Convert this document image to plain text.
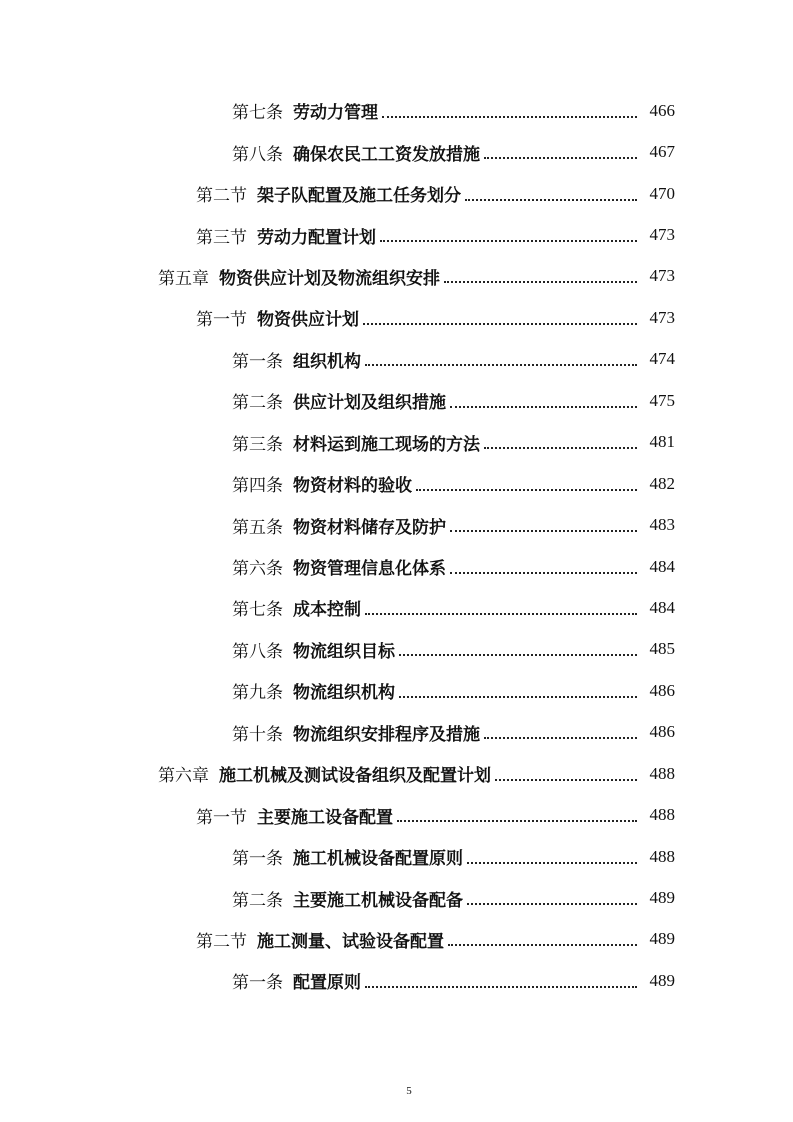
第七条 劳动力管理	466
第八条 确保农民工工资发放措施	467
第二节 架子队配置及施工任务划分	470
第三节 劳动力配置计划	473
第五章 物资供应计划及物流组织安排	473
第一节 物资供应计划	473
第一条 组织机构	474
第二条 供应计划及组织措施	475
第三条 材料运到施工现场的方法	481
第四条 物资材料的验收	482
第五条 物资材料储存及防护	483
第六条 物资管理信息化体系	484
第七条 成本控制	484
第八条 物流组织目标	485
第九条 物流组织机构	486
第十条 物流组织安排程序及措施	486
第六章 施工机械及测试设备组织及配置计划	488
第一节 主要施工设备配置	488
第一条 施工机械设备配置原则	488
第二条 主要施工机械设备配备	489
第二节 施工测量、试验设备配置	489
第一条 配置原则	489
5
